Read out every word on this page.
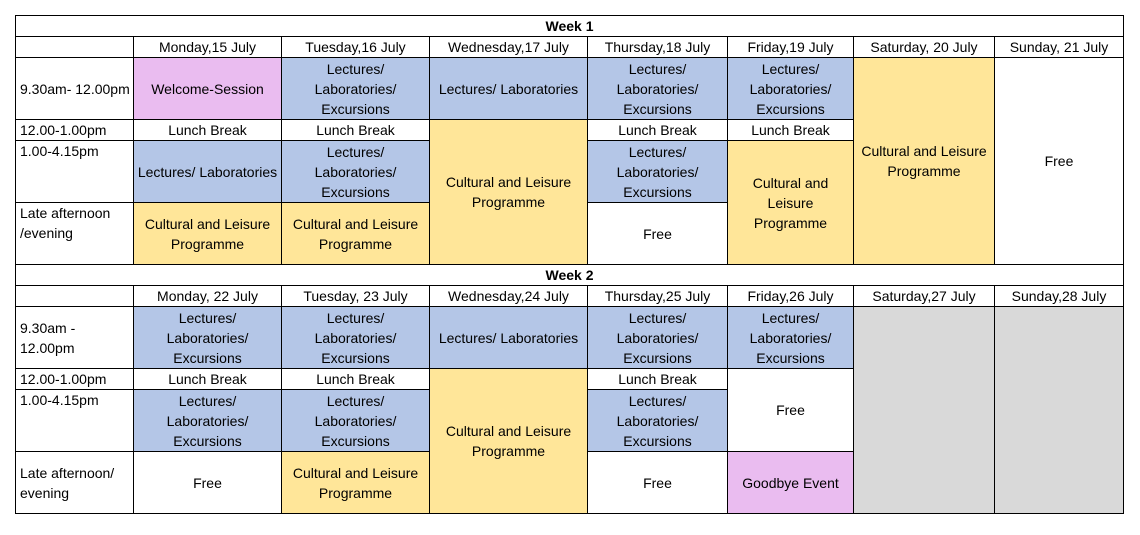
Week 1							
	Monday,15 July	Tuesday,16 July	Wednesday,17 July	Thursday,18 July	Friday,19 July	Saturday, 20 July	Sunday, 21 July
9.30am- 12.00pm	Welcome-Session	Lectures/ Laboratories/ Excursions	Lectures/ Laboratories	Lectures/ Laboratories/ Excursions	Lectures/ Laboratories/ Excursions	Cultural and Leisure Programme	Free
12.00-1.00pm	Lunch Break	Lunch Break	Cultural and Leisure Programme	Lunch Break	Lunch Break		
1.00-4.15pm	Lectures/ Laboratories	Lectures/ Laboratories/ Excursions		Lectures/ Laboratories/ Excursions	Cultural and Leisure Programme		
Late afternoon /evening	Cultural and Leisure Programme	Cultural and Leisure Programme		Free			
Week 2							
	Monday, 22 July	Tuesday, 23 July	Wednesday,24 July	Thursday,25 July	Friday,26 July	Saturday,27 July	Sunday,28 July
9.30am - 12.00pm	Lectures/ Laboratories/ Excursions	Lectures/ Laboratories/ Excursions	Lectures/ Laboratories	Lectures/ Laboratories/ Excursions	Lectures/ Laboratories/ Excursions		
12.00-1.00pm	Lunch Break	Lunch Break	Cultural and Leisure Programme	Lunch Break	Free		
1.00-4.15pm	Lectures/ Laboratories/ Excursions	Lectures/ Laboratories/ Excursions		Lectures/ Laboratories/ Excursions			
Late afternoon/ evening	Free	Cultural and Leisure Programme		Free	Goodbye Event		
